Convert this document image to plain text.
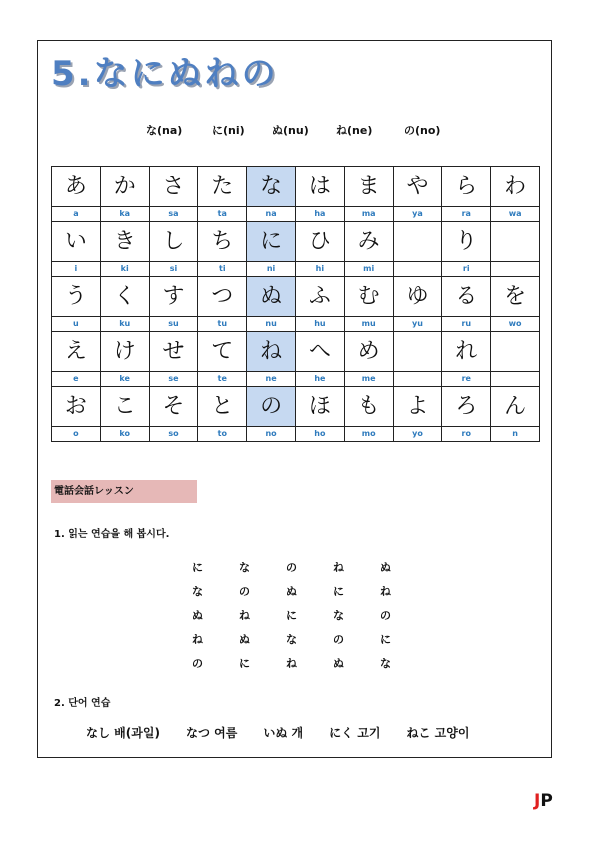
5.なにぬねの
な(na)	に(ni) ぬ(nu) ね(ne)	の(no)
あ	か	さ	た	な	は	ま	や	ら	わ
a	ka	sa	ta	na	ha	ma	ya	ra	wa
い	き	し	ち	に	ひ	み		り	
i	ki	si	ti	ni	hi	mi		ri	
う	く	す	つ	ぬ	ふ	む	ゆ	る	を
u	ku	su	tu	nu	hu	mu	yu	ru	wo
え	け	せ	て	ね	へ	め		れ	
e	ke	se	te	ne	he	me		re	
お	こ	そ	と	の	ほ	も	よ	ろ	ん
o	ko	so	to	no	ho	mo	yo	ro	n
電話会話レッスン
1. 읽는 연습을 해 봅시다.
に	な	の	ね	ぬ
な	の	ぬ	に	ね
ぬ	ね	に	な	の
ね	ぬ	な	の	に
の	に	ね	ぬ	な
2. 단어 연습
なし 배(과일) なつ 여름 いぬ 개 にく 고기 ねこ 고양이
JP
